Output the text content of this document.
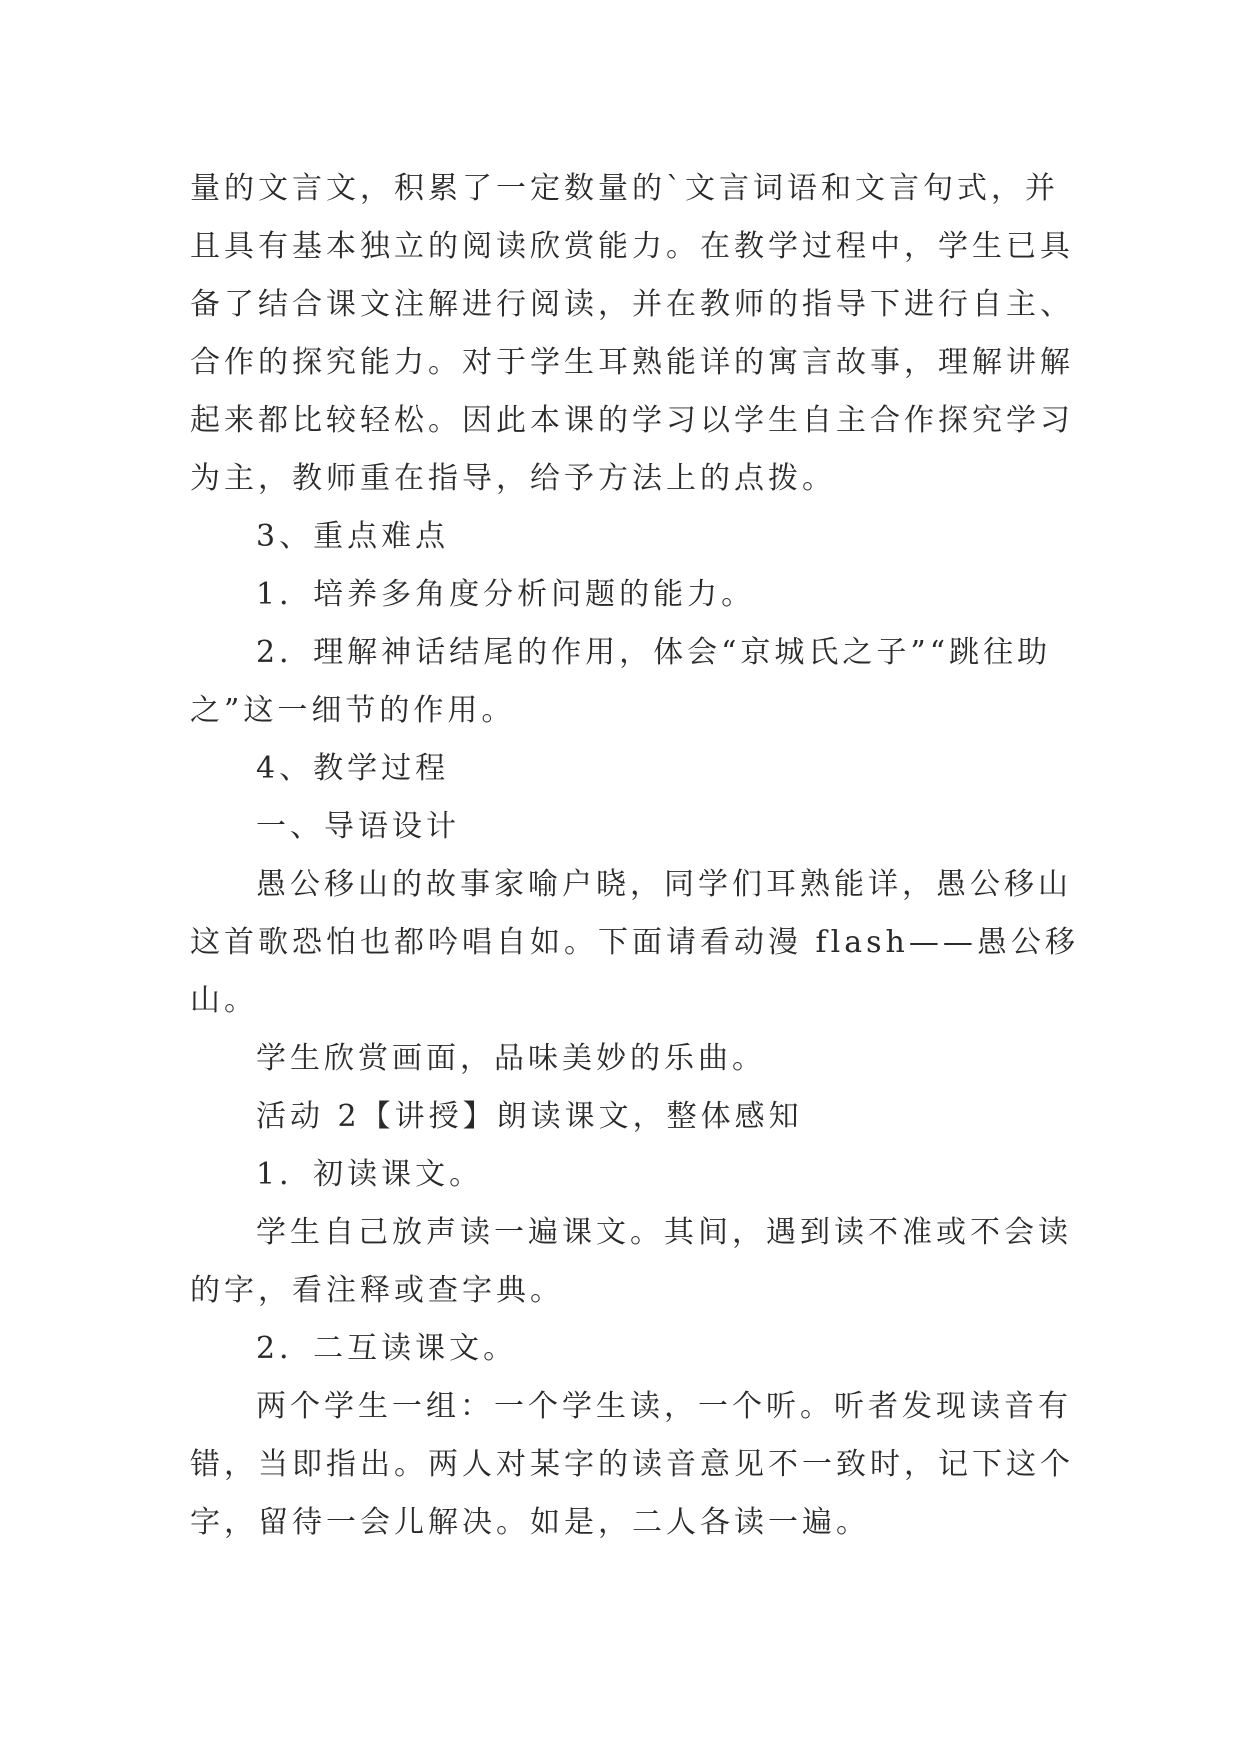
量的文言文，积累了一定数量的`文言词语和文言句式，并

且具有基本独立的阅读欣赏能力。在教学过程中，学生已具

备了结合课文注解进行阅读，并在教师的指导下进行自主、

合作的探究能力。对于学生耳熟能详的寓言故事，理解讲解

起来都比较轻松。因此本课的学习以学生自主合作探究学习

为主，教师重在指导，给予方法上的点拨。

3、重点难点

1．培养多角度分析问题的能力。

2．理解神话结尾的作用，体会“京城氏之子”“跳往助

之”这一细节的作用。

4、教学过程

一、导语设计

愚公移山的故事家喻户晓，同学们耳熟能详，愚公移山

这首歌恐怕也都吟唱自如。下面请看动漫 flash——愚公移

山。

学生欣赏画面，品味美妙的乐曲。

活动 2【讲授】朗读课文，整体感知

1．初读课文。

学生自己放声读一遍课文。其间，遇到读不准或不会读

的字，看注释或查字典。

2．二互读课文。

两个学生一组：一个学生读，一个听。听者发现读音有

错，当即指出。两人对某字的读音意见不一致时，记下这个

字，留待一会儿解决。如是，二人各读一遍。
